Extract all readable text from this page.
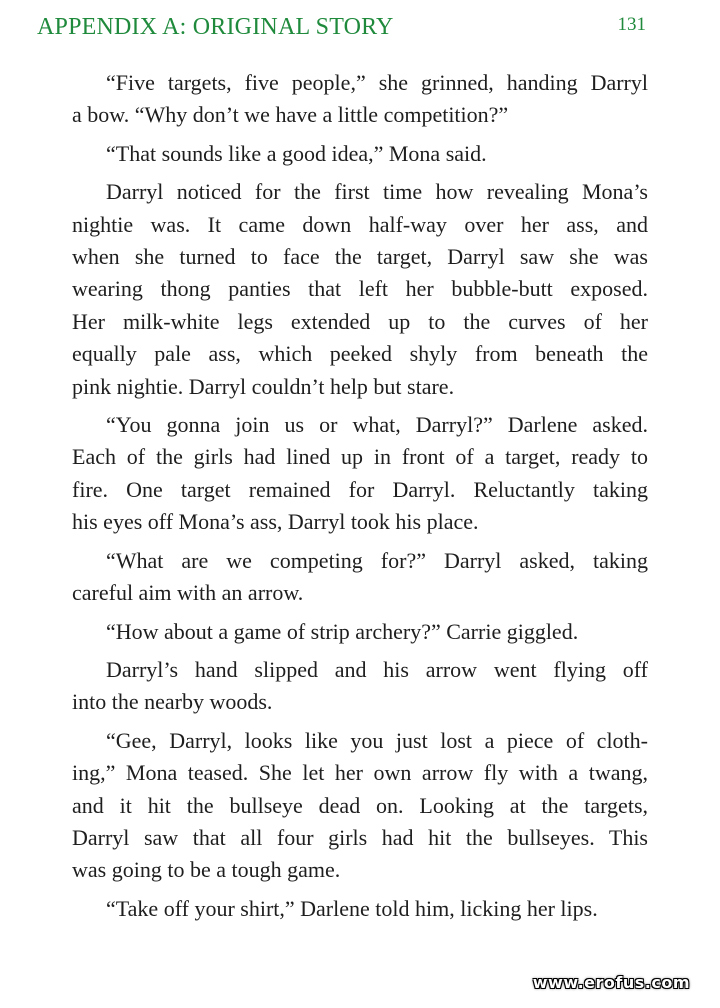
APPENDIX A: ORIGINAL STORY	131

“Five targets, five people,” she grinned, handing Darryl
a bow. “Why don’t we have a little competition?”

“That sounds like a good idea,” Mona said.

Darryl noticed for the first time how revealing Mona’s
nightie was. It came down half-way over her ass, and
when she turned to face the target, Darryl saw she was
wearing thong panties that left her bubble-butt exposed.
Her milk-white legs extended up to the curves of her
equally pale ass, which peeked shyly from beneath the
pink nightie. Darryl couldn’t help but stare.

“You gonna join us or what, Darryl?” Darlene asked.
Each of the girls had lined up in front of a target, ready to
fire. One target remained for Darryl. Reluctantly taking
his eyes off Mona’s ass, Darryl took his place.

“What are we competing for?” Darryl asked, taking
careful aim with an arrow.

“How about a game of strip archery?” Carrie giggled.

Darryl’s hand slipped and his arrow went flying off
into the nearby woods.

“Gee, Darryl, looks like you just lost a piece of cloth-
ing,” Mona teased. She let her own arrow fly with a twang,
and it hit the bullseye dead on. Looking at the targets,
Darryl saw that all four girls had hit the bullseyes. This
was going to be a tough game.

“Take off your shirt,” Darlene told him, licking her lips.

www.erofus.com
